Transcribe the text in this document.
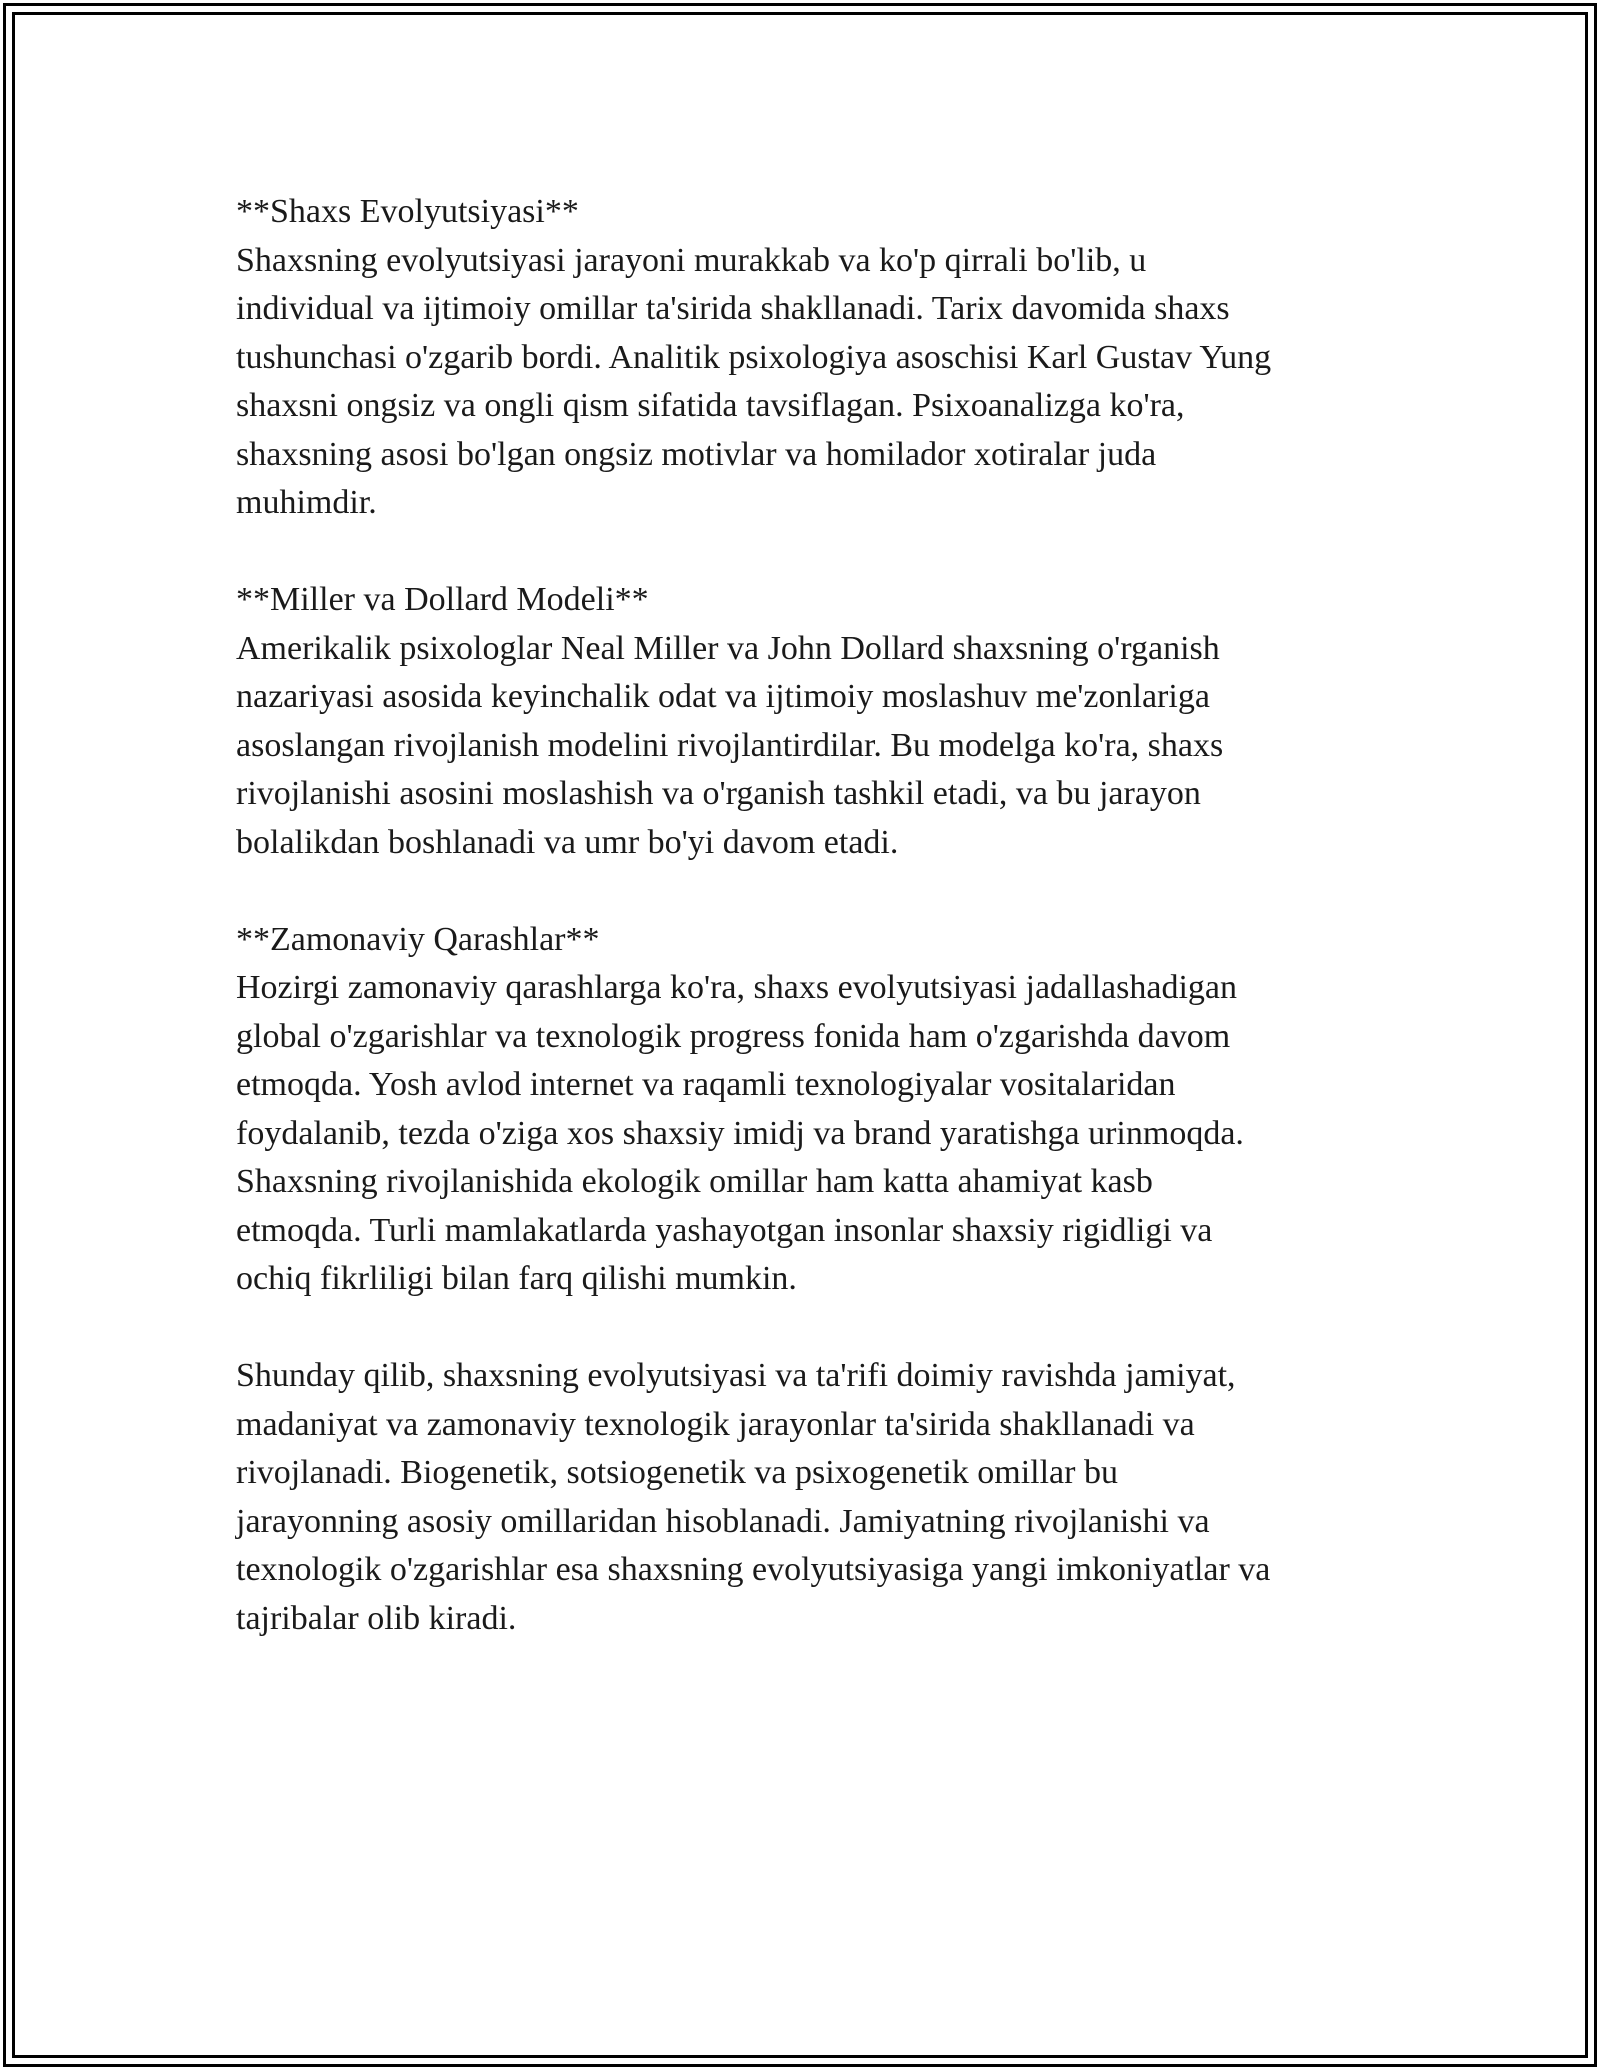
**Shaxs Evolyutsiyasi**

Shaxsning evolyutsiyasi jarayoni murakkab va ko'p qirrali bo'lib, u
individual va ijtimoiy omillar ta'sirida shakllanadi. Tarix davomida shaxs
tushunchasi o'zgarib bordi. Analitik psixologiya asoschisi Karl Gustav Yung
shaxsni ongsiz va ongli qism sifatida tavsiflagan. Psixoanalizga ko'ra,
shaxsning asosi bo'lgan ongsiz motivlar va homilador xotiralar juda
muhimdir.

**Miller va Dollard Modeli**

Amerikalik psixologlar Neal Miller va John Dollard shaxsning o'rganish
nazariyasi asosida keyinchalik odat va ijtimoiy moslashuv me'zonlariga
asoslangan rivojlanish modelini rivojlantirdilar. Bu modelga ko'ra, shaxs
rivojlanishi asosini moslashish va o'rganish tashkil etadi, va bu jarayon
bolalikdan boshlanadi va umr bo'yi davom etadi.

**Zamonaviy Qarashlar**

Hozirgi zamonaviy qarashlarga ko'ra, shaxs evolyutsiyasi jadallashadigan
global o'zgarishlar va texnologik progress fonida ham o'zgarishda davom
etmoqda. Yosh avlod internet va raqamli texnologiyalar vositalaridan
foydalanib, tezda o'ziga xos shaxsiy imidj va brand yaratishga urinmoqda.
Shaxsning rivojlanishida ekologik omillar ham katta ahamiyat kasb
etmoqda. Turli mamlakatlarda yashayotgan insonlar shaxsiy rigidligi va
ochiq fikrliligi bilan farq qilishi mumkin.

Shunday qilib, shaxsning evolyutsiyasi va ta'rifi doimiy ravishda jamiyat,
madaniyat va zamonaviy texnologik jarayonlar ta'sirida shakllanadi va
rivojlanadi. Biogenetik, sotsiogenetik va psixogenetik omillar bu
jarayonning asosiy omillaridan hisoblanadi. Jamiyatning rivojlanishi va
texnologik o'zgarishlar esa shaxsning evolyutsiyasiga yangi imkoniyatlar va
tajribalar olib kiradi.
